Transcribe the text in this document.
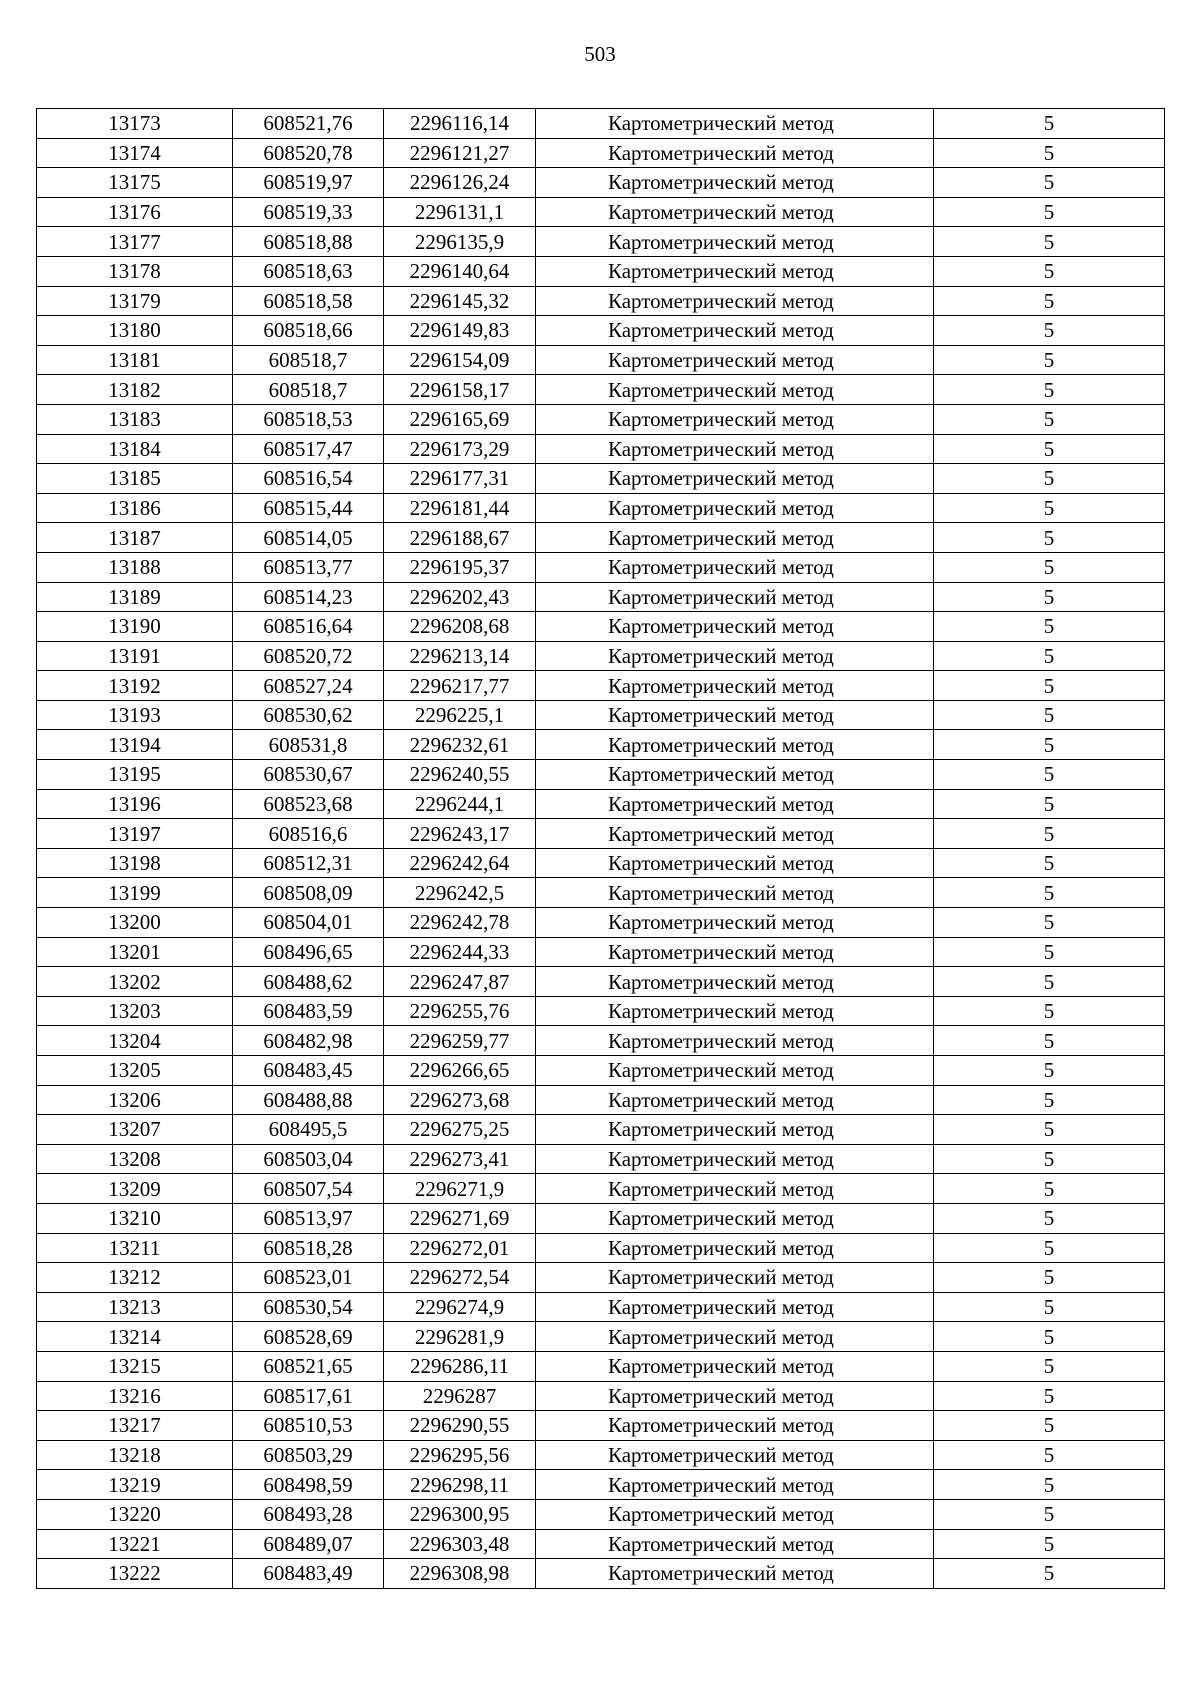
503
13173	608521,76	2296116,14	Картометрический метод	5
13174	608520,78	2296121,27	Картометрический метод	5
13175	608519,97	2296126,24	Картометрический метод	5
13176	608519,33	2296131,1	Картометрический метод	5
13177	608518,88	2296135,9	Картометрический метод	5
13178	608518,63	2296140,64	Картометрический метод	5
13179	608518,58	2296145,32	Картометрический метод	5
13180	608518,66	2296149,83	Картометрический метод	5
13181	608518,7	2296154,09	Картометрический метод	5
13182	608518,7	2296158,17	Картометрический метод	5
13183	608518,53	2296165,69	Картометрический метод	5
13184	608517,47	2296173,29	Картометрический метод	5
13185	608516,54	2296177,31	Картометрический метод	5
13186	608515,44	2296181,44	Картометрический метод	5
13187	608514,05	2296188,67	Картометрический метод	5
13188	608513,77	2296195,37	Картометрический метод	5
13189	608514,23	2296202,43	Картометрический метод	5
13190	608516,64	2296208,68	Картометрический метод	5
13191	608520,72	2296213,14	Картометрический метод	5
13192	608527,24	2296217,77	Картометрический метод	5
13193	608530,62	2296225,1	Картометрический метод	5
13194	608531,8	2296232,61	Картометрический метод	5
13195	608530,67	2296240,55	Картометрический метод	5
13196	608523,68	2296244,1	Картометрический метод	5
13197	608516,6	2296243,17	Картометрический метод	5
13198	608512,31	2296242,64	Картометрический метод	5
13199	608508,09	2296242,5	Картометрический метод	5
13200	608504,01	2296242,78	Картометрический метод	5
13201	608496,65	2296244,33	Картометрический метод	5
13202	608488,62	2296247,87	Картометрический метод	5
13203	608483,59	2296255,76	Картометрический метод	5
13204	608482,98	2296259,77	Картометрический метод	5
13205	608483,45	2296266,65	Картометрический метод	5
13206	608488,88	2296273,68	Картометрический метод	5
13207	608495,5	2296275,25	Картометрический метод	5
13208	608503,04	2296273,41	Картометрический метод	5
13209	608507,54	2296271,9	Картометрический метод	5
13210	608513,97	2296271,69	Картометрический метод	5
13211	608518,28	2296272,01	Картометрический метод	5
13212	608523,01	2296272,54	Картометрический метод	5
13213	608530,54	2296274,9	Картометрический метод	5
13214	608528,69	2296281,9	Картометрический метод	5
13215	608521,65	2296286,11	Картометрический метод	5
13216	608517,61	2296287	Картометрический метод	5
13217	608510,53	2296290,55	Картометрический метод	5
13218	608503,29	2296295,56	Картометрический метод	5
13219	608498,59	2296298,11	Картометрический метод	5
13220	608493,28	2296300,95	Картометрический метод	5
13221	608489,07	2296303,48	Картометрический метод	5
13222	608483,49	2296308,98	Картометрический метод	5
